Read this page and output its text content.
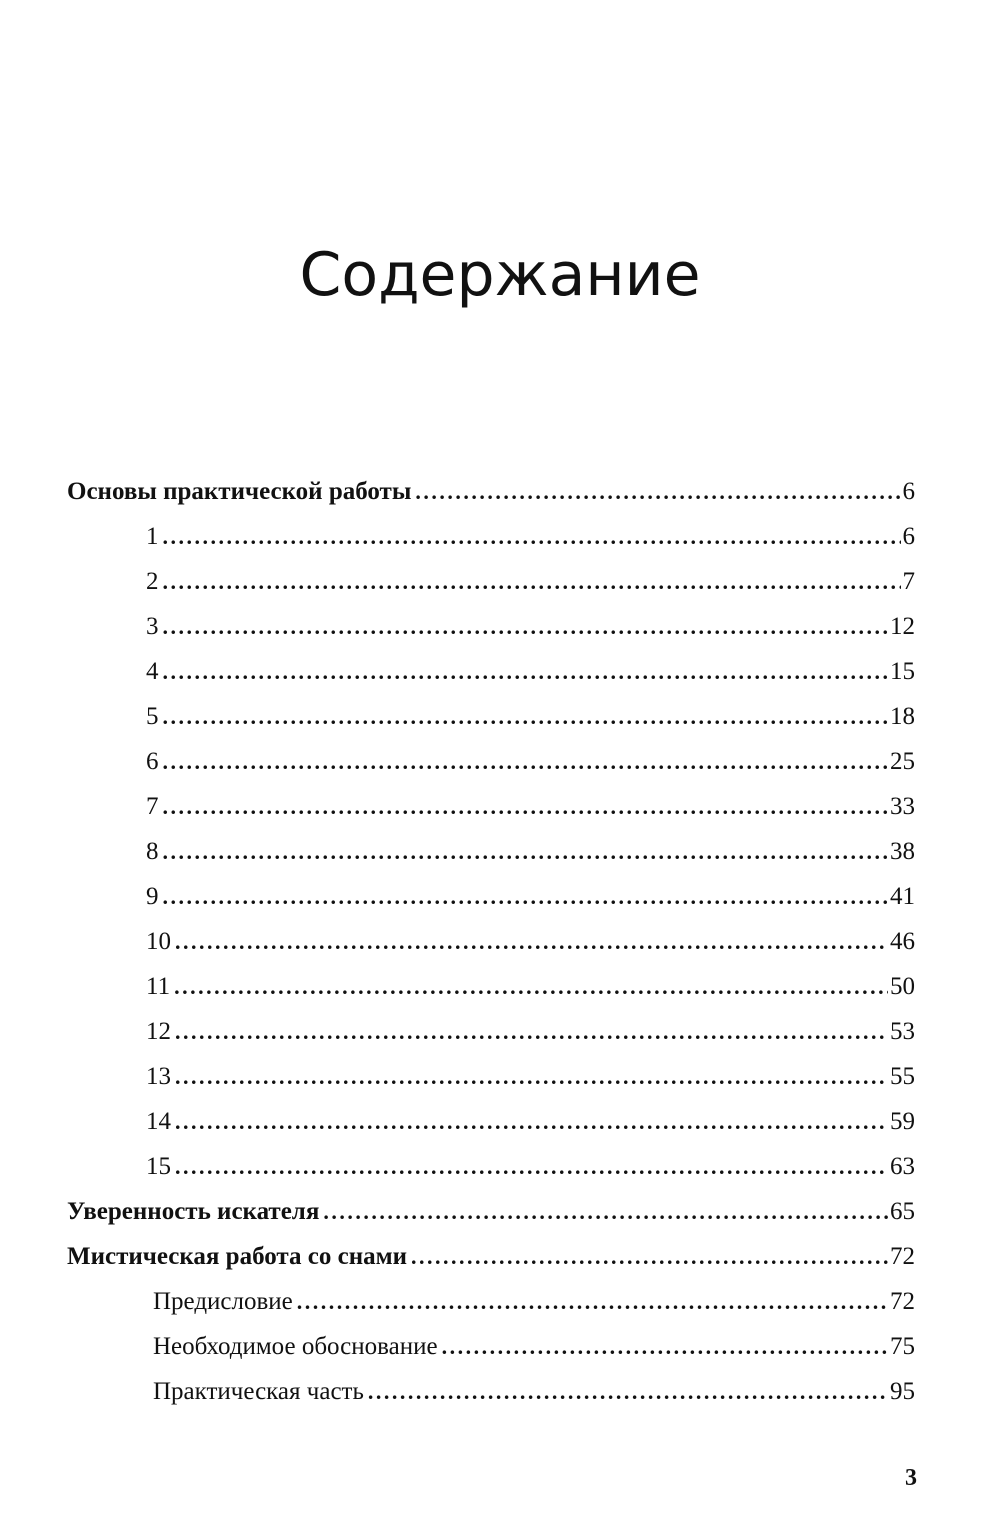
Содержание
Основы практической работы . . .	6
1 . . .	6
2 . . .	7
3 . . .	12
4 . . .	15
5 . . .	18
6 . . .	25
7 . . .	33
8 . . .	38
9 . . .	41
10 . . .	46
11 . . .	50
12 . . .	53
13 . . .	55
14 . . .	59
15 . . .	63
Уверенность искателя . . .	65
Мистическая работа со снами . . .	72
Предисловие . . .	72
Необходимое обоснование . . .	75
Практическая часть . . .	95
3
